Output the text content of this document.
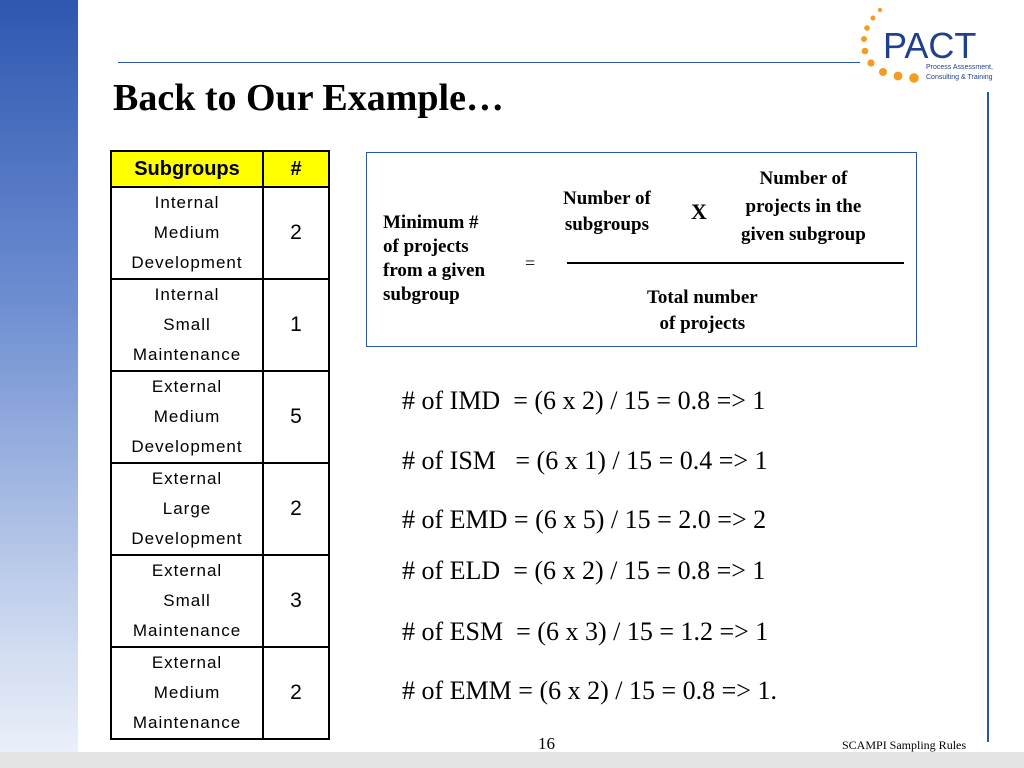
PACT
Process Assessment,
Consulting & Training
Back to Our Example…
Subgroups	#

Internal
Medium
Development	2

Internal
Small
Maintenance	1

External
Medium
Development	5

External
Large
Development	2

External
Small
Maintenance	3

External
Medium
Maintenance	2
Minimum #
of projects
from a given
subgroup
=
Number of
subgroups
X
Number of
projects in the
given subgroup
Total number
of projects
# of IMD  = (6 x 2) / 15 = 0.8 => 1
# of ISM   = (6 x 1) / 15 = 0.4 => 1
# of EMD = (6 x 5) / 15 = 2.0 => 2
# of ELD  = (6 x 2) / 15 = 0.8 => 1
# of ESM  = (6 x 3) / 15 = 1.2 => 1
# of EMM = (6 x 2) / 15 = 0.8 => 1.
16	SCAMPI Sampling Rules
